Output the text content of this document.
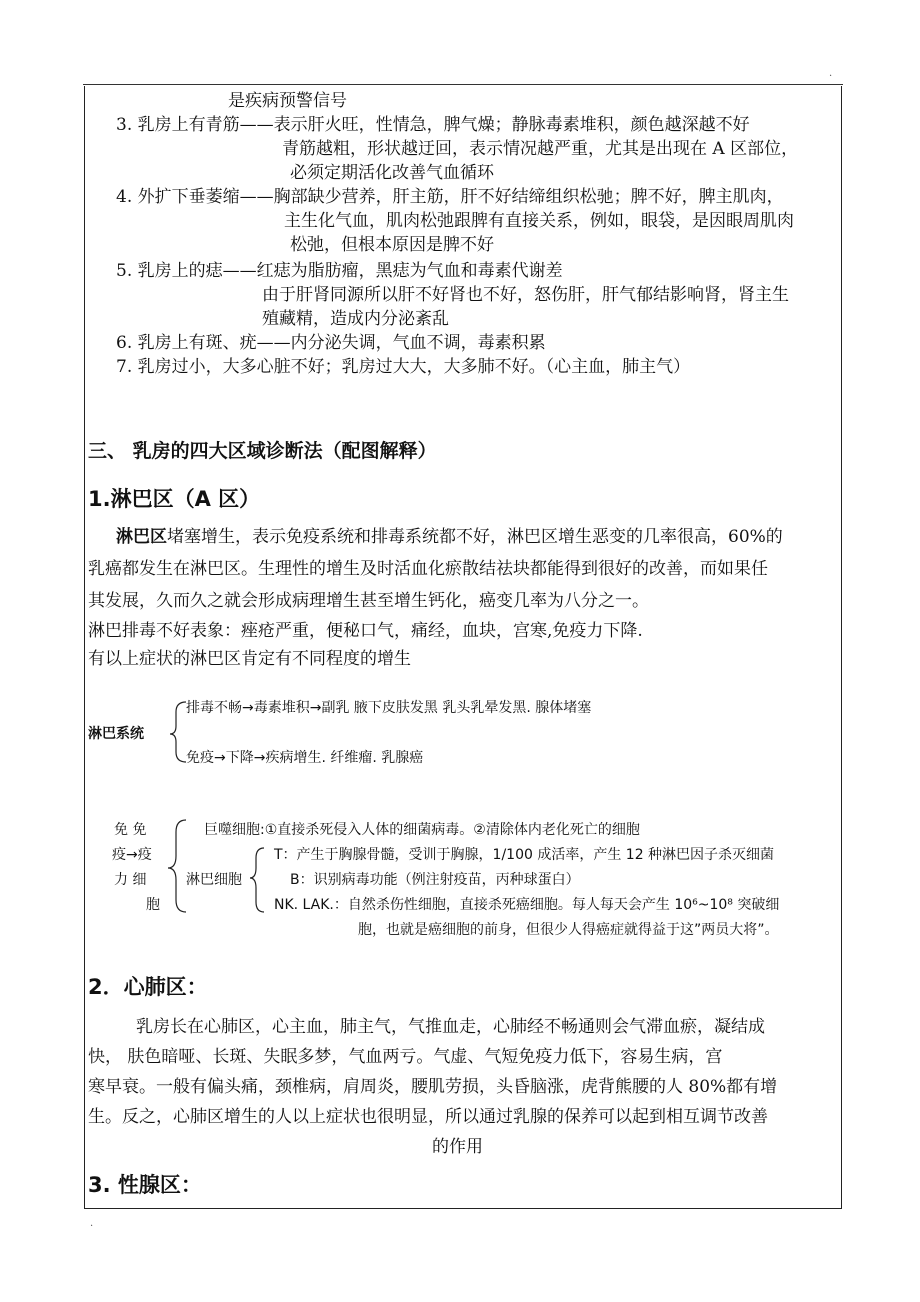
.
.
是疾病预警信号
3. 乳房上有青筋——表示肝火旺，性情急，脾气燥；静脉毒素堆积，颜色越深越不好
青筋越粗，形状越迂回，表示情况越严重，尤其是出现在 A 区部位，
必须定期活化改善气血循环
4. 外扩下垂萎缩——胸部缺少营养，肝主筋，肝不好结缔组织松驰；脾不好，脾主肌肉，
主生化气血，肌肉松弛跟脾有直接关系，例如，眼袋，是因眼周肌肉
松弛，但根本原因是脾不好
5. 乳房上的痣——红痣为脂肪瘤，黑痣为气血和毒素代谢差
由于肝肾同源所以肝不好肾也不好，怒伤肝，肝气郁结影响肾，肾主生
殖藏精，造成内分泌紊乱
6. 乳房上有斑、疣——内分泌失调，气血不调，毒素积累
7. 乳房过小，大多心脏不好；乳房过大大，大多肺不好。（心主血，肺主气）
三、 乳房的四大区域诊断法（配图解释）
1.淋巴区（A 区）
淋巴区堵塞增生，表示免疫系统和排毒系统都不好，淋巴区增生恶变的几率很高，60%的
乳癌都发生在淋巴区。生理性的增生及时活血化瘀散结祛块都能得到很好的改善，而如果任
其发展，久而久之就会形成病理增生甚至增生钙化，癌变几率为八分之一。
淋巴排毒不好表象：痤疮严重，便秘口气，痛经，血块，宫寒,免疫力下降.
有以上症状的淋巴区肯定有不同程度的增生
淋巴系统
排毒不畅→毒素堆积→副乳 腋下皮肤发黑 乳头乳晕发黑. 腺体堵塞
免疫→下降→疾病增生. 纤维瘤. 乳腺癌
免 免
疫→疫
力 细
胞
巨噬细胞:①直接杀死侵入人体的细菌病毒。②清除体内老化死亡的细胞
淋巴细胞
T：产生于胸腺骨髓，受训于胸腺，1/100 成活率，产生 12 种淋巴因子杀灭细菌
B：识别病毒功能（例注射疫苗，丙种球蛋白）
NK. LAK.：自然杀伤性细胞，直接杀死癌细胞。每人每天会产生 10⁶~10⁸ 突破细
胞，也就是癌细胞的前身，但很少人得癌症就得益于这”两员大将”。
2．心肺区：
乳房长在心肺区，心主血，肺主气，气推血走，心肺经不畅通则会气滞血瘀，凝结成
快， 肤色暗哑、长斑、失眠多梦，气血两亏。气虚、气短免疫力低下，容易生病，宫
寒早衰。一般有偏头痛，颈椎病，肩周炎，腰肌劳损，头昏脑涨，虎背熊腰的人 80%都有增
生。反之，心肺区增生的人以上症状也很明显，所以通过乳腺的保养可以起到相互调节改善
的作用
3. 性腺区：
